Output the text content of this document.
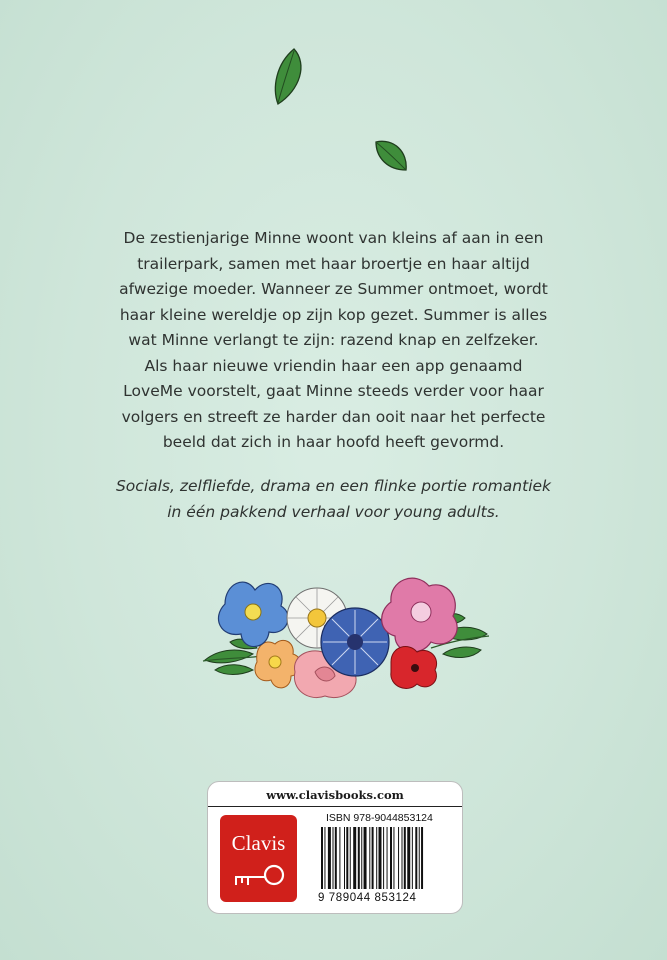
De zestienjarige Minne woont van kleins af aan in een

trailerpark, samen met haar broertje en haar altijd

afwezige moeder. Wanneer ze Summer ontmoet, wordt

haar kleine wereldje op zijn kop gezet. Summer is alles

wat Minne verlangt te zijn: razend knap en zelfzeker.

Als haar nieuwe vriendin haar een app genaamd

LoveMe voorstelt, gaat Minne steeds verder voor haar

volgers en streeft ze harder dan ooit naar het perfecte

beeld dat zich in haar hoofd heeft gevormd.

Socials, zelfliefde, drama en een flinke portie romantiek

in één pakkend verhaal voor young adults.

www.clavisbooks.com
Clavis
ISBN 978-9044853124
9 789044 853124
